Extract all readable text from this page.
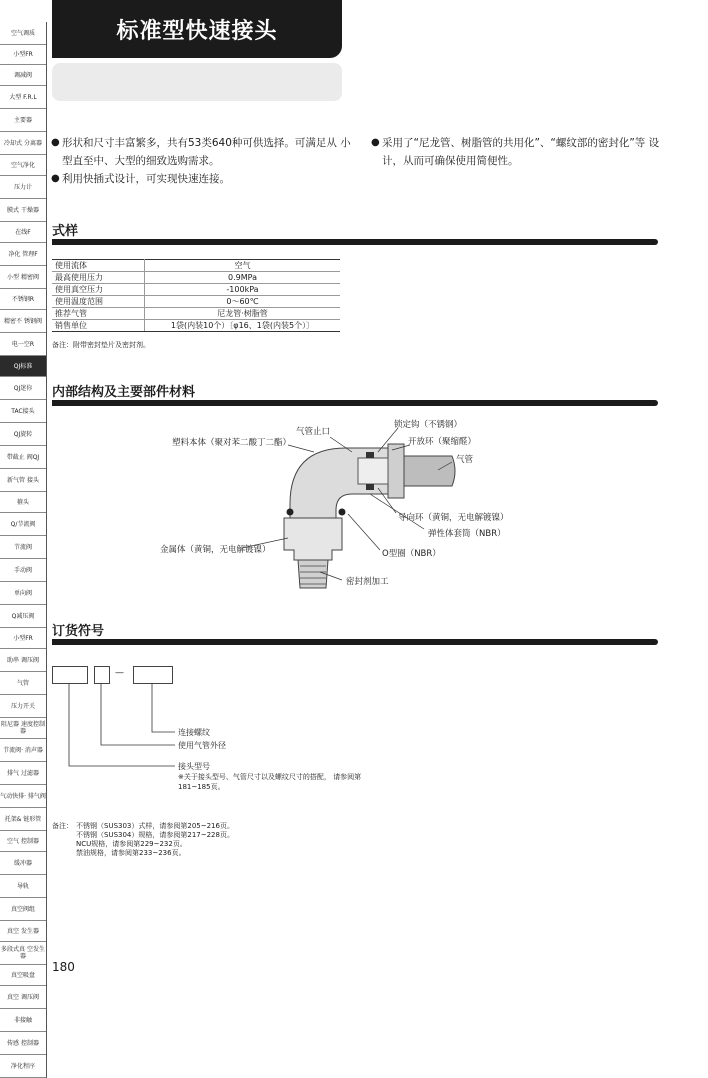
空气调质
小型FR
调减阀
大型 F.R.L
主要器
冷却式 分离器
空气净化
压力计
膜式 干燥器
在线F
净化 管理F
小型 精密阀
不锈钢R
精密不 锈钢阀
电一空R
QJ标准
QJ迷你
TAC接头
QJ旋转
带截止 阀QJ
新气管 接头
箍头
Q/节流阀
节流阀
手动阀
单向阀
Q减压阀
小型FR
助串 调压阀
气管
压力开关
阻尼器 速度控制器
节流阀· 消声器
排气 过滤器
气动快排· 排气阀
托架& 链形管
空气 控制器
缓冲器
导轨
真空阀组
真空 发生器
多段式真 空发生器
真空吸盘
真空 调压阀
非接触
传感 控制器
净化程序
标准型快速接头
● 形状和尺寸丰富繁多，共有53类640种可供选择。可满足从 小型直至中、大型的细致选购需求。
● 利用快插式设计，可实现快速连接。
● 采用了“尼龙管、树脂管的共用化”、“螺纹部的密封化”等 设计，从而可确保使用简便性。
式样
使用流体	空气
最高使用压力	0.9MPa
使用真空压力	-100kPa
使用温度范围	0～60℃
推荐气管	尼龙管·树脂管
销售单位	1袋(内装10个）〔φ16、1袋(内装5个）〕
备注：附带密封垫片及密封剂。
内部结构及主要部件材料
塑料本体（聚对苯二酸丁二酯）
气管止口
锁定钩（不锈钢）
开放环（聚缩醛）
气管
导向环（黄铜，无电解镀镍）
弹性体套筒（NBR）
O型圈（NBR）
金属体（黄铜，无电解镀镍）
密封剂加工
订货符号
—
连接螺纹
使用气管外径
接头型号
※关于接头型号、气管尺寸以及螺纹尺寸的搭配， 请参阅第181~185页。
备注： 不锈钢（SUS303）式样，请参阅第205~216页。
不锈钢（SUS304）规格，请参阅第217~228页。
NCU规格，请参阅第229~232页。
禁油规格，请参阅第233~236页。
180
